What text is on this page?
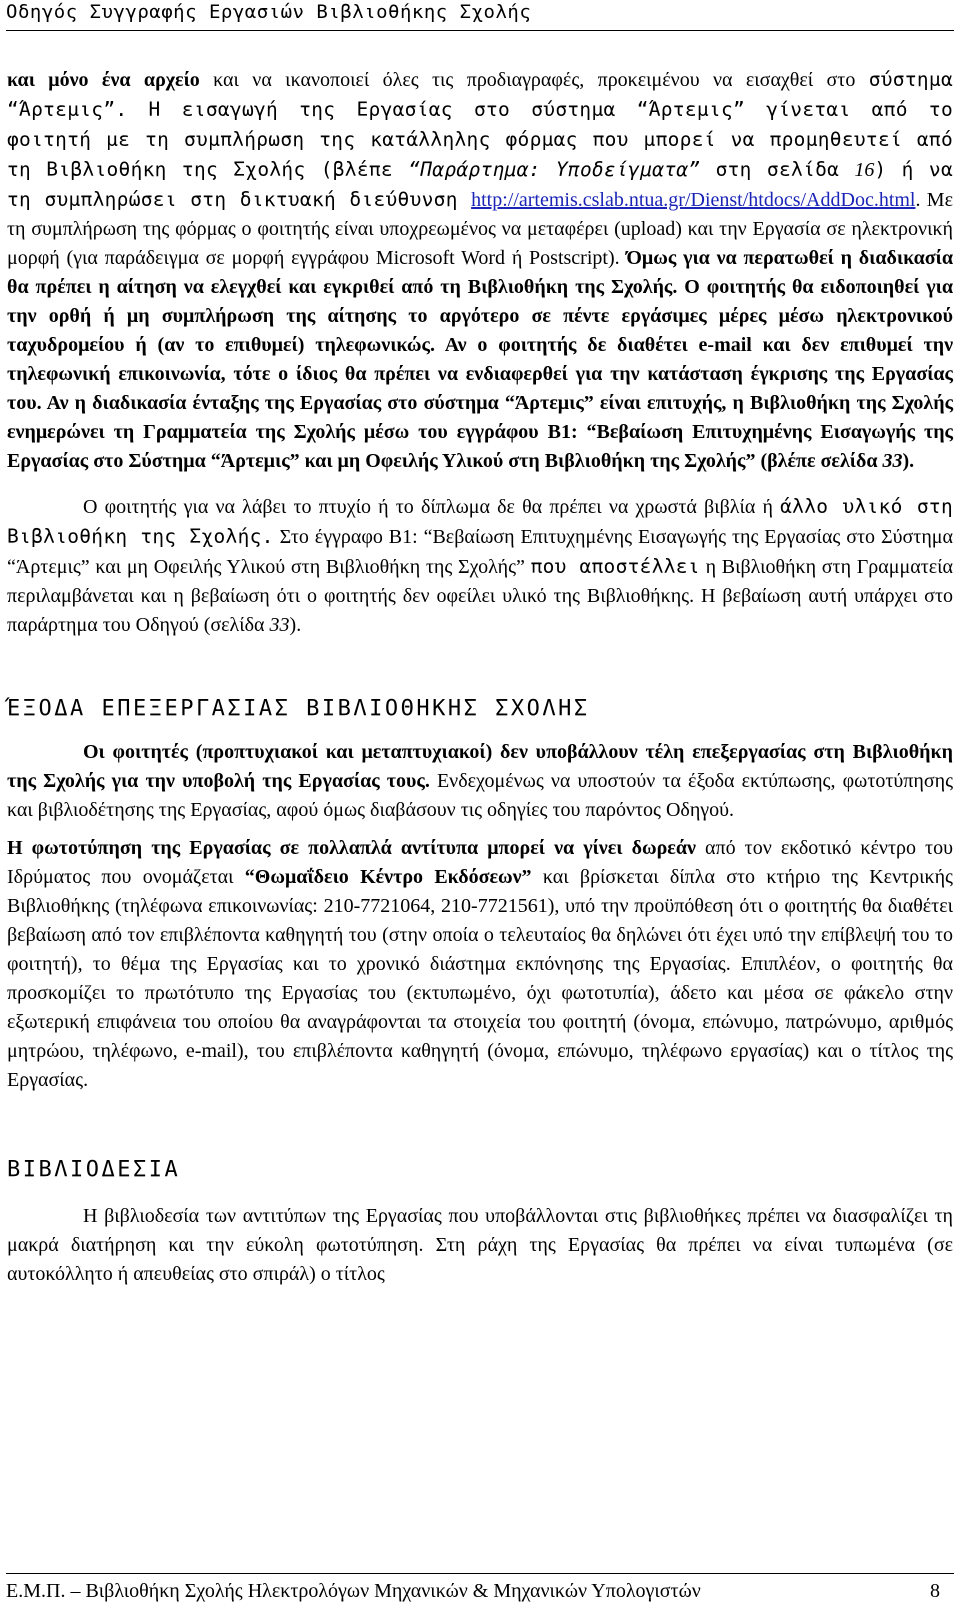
Οδηγός Συγγραφής Εργασιών Βιβλιοθήκης Σχολής

και μόνο ένα αρχείο και να ικανοποιεί όλες τις προδιαγραφές, προκειμένου να εισαχθεί στο σύστημα “Άρτεμις”. Η εισαγωγή της Εργασίας στο σύστημα “Άρτεμις” γίνεται από το φοιτητή με τη συμπλήρωση της κατάλληλης φόρμας που μπορεί να προμηθευτεί από τη Βιβλιοθήκη της Σχολής (βλέπε “Παράρτημα: Υποδείγματα” στη σελίδα 16) ή να τη συμπληρώσει στη δικτυακή διεύθυνση http://artemis.cslab.ntua.gr/Dienst/htdocs/AddDoc.html. Με τη συμπλήρωση της φόρμας ο φοιτητής είναι υποχρεωμένος να μεταφέρει (upload) και την Εργασία σε ηλεκτρονική μορφή (για παράδειγμα σε μορφή εγγράφου Microsoft Word ή Postscript). Όμως για να περατωθεί η διαδικασία θα πρέπει η αίτηση να ελεγχθεί και εγκριθεί από τη Βιβλιοθήκη της Σχολής. Ο φοιτητής θα ειδοποιηθεί για την ορθή ή μη συμπλήρωση της αίτησης το αργότερο σε πέντε εργάσιμες μέρες μέσω ηλεκτρονικού ταχυδρομείου ή (αν το επιθυμεί) τηλεφωνικώς. Αν ο φοιτητής δε διαθέτει e-mail και δεν επιθυμεί την τηλεφωνική επικοινωνία, τότε ο ίδιος θα πρέπει να ενδιαφερθεί για την κατάσταση έγκρισης της Εργασίας του. Αν η διαδικασία ένταξης της Εργασίας στο σύστημα “Άρτεμις” είναι επιτυχής, η Βιβλιοθήκη της Σχολής ενημερώνει τη Γραμματεία της Σχολής μέσω του εγγράφου Β1: “Βεβαίωση Επιτυχημένης Εισαγωγής της Εργασίας στο Σύστημα “Άρτεμις” και μη Οφειλής Υλικού στη Βιβλιοθήκη της Σχολής” (βλέπε σελίδα 33).

Ο φοιτητής για να λάβει το πτυχίο ή το δίπλωμα δε θα πρέπει να χρωστά βιβλία ή άλλο υλικό στη Βιβλιοθήκη της Σχολής. Στο έγγραφο Β1: “Βεβαίωση Επιτυχημένης Εισαγωγής της Εργασίας στο Σύστημα “Άρτεμις” και μη Οφειλής Υλικού στη Βιβλιοθήκη της Σχολής” που αποστέλλει η Βιβλιοθήκη στη Γραμματεία περιλαμβάνεται και η βεβαίωση ότι ο φοιτητής δεν οφείλει υλικό της Βιβλιοθήκης. Η βεβαίωση αυτή υπάρχει στο παράρτημα του Οδηγού (σελίδα 33).

ΈΞΟΔΑ ΕΠΕΞΕΡΓΑΣΙΑΣ ΒΙΒΛΙΟΘΗΚΗΣ ΣΧΟΛΗΣ

Οι φοιτητές (προπτυχιακοί και μεταπτυχιακοί) δεν υποβάλλουν τέλη επεξεργασίας στη Βιβλιοθήκη της Σχολής για την υποβολή της Εργασίας τους. Ενδεχομένως να υποστούν τα έξοδα εκτύπωσης, φωτοτύπησης και βιβλιοδέτησης της Εργασίας, αφού όμως διαβάσουν τις οδηγίες του παρόντος Οδηγού.

Η φωτοτύπηση της Εργασίας σε πολλαπλά αντίτυπα μπορεί να γίνει δωρεάν από τον εκδοτικό κέντρο του Ιδρύματος που ονομάζεται “Θωμαΐδειο Κέντρο Εκδόσεων” και βρίσκεται δίπλα στο κτήριο της Κεντρικής Βιβλιοθήκης (τηλέφωνα επικοινωνίας: 210-7721064, 210-7721561), υπό την προϋπόθεση ότι ο φοιτητής θα διαθέτει βεβαίωση από τον επιβλέποντα καθηγητή του (στην οποία ο τελευταίος θα δηλώνει ότι έχει υπό την επίβλεψή του το φοιτητή), το θέμα της Εργασίας και το χρονικό διάστημα εκπόνησης της Εργασίας. Επιπλέον, ο φοιτητής θα προσκομίζει το πρωτότυπο της Εργασίας του (εκτυπωμένο, όχι φωτοτυπία), άδετο και μέσα σε φάκελο στην εξωτερική επιφάνεια του οποίου θα αναγράφονται τα στοιχεία του φοιτητή (όνομα, επώνυμο, πατρώνυμο, αριθμός μητρώου, τηλέφωνο, e-mail), του επιβλέποντα καθηγητή (όνομα, επώνυμο, τηλέφωνο εργασίας) και ο τίτλος της Εργασίας.

ΒΙΒΛΙΟΔΕΣΙΑ

Η βιβλιοδεσία των αντιτύπων της Εργασίας που υποβάλλονται στις βιβλιοθήκες πρέπει να διασφαλίζει τη μακρά διατήρηση και την εύκολη φωτοτύπηση. Στη ράχη της Εργασίας θα πρέπει να είναι τυπωμένα (σε αυτοκόλλητο ή απευθείας στο σπιράλ) ο τίτλος

Ε.Μ.Π. – Βιβλιοθήκη Σχολής Ηλεκτρολόγων Μηχανικών & Μηχανικών Υπολογιστών	8
